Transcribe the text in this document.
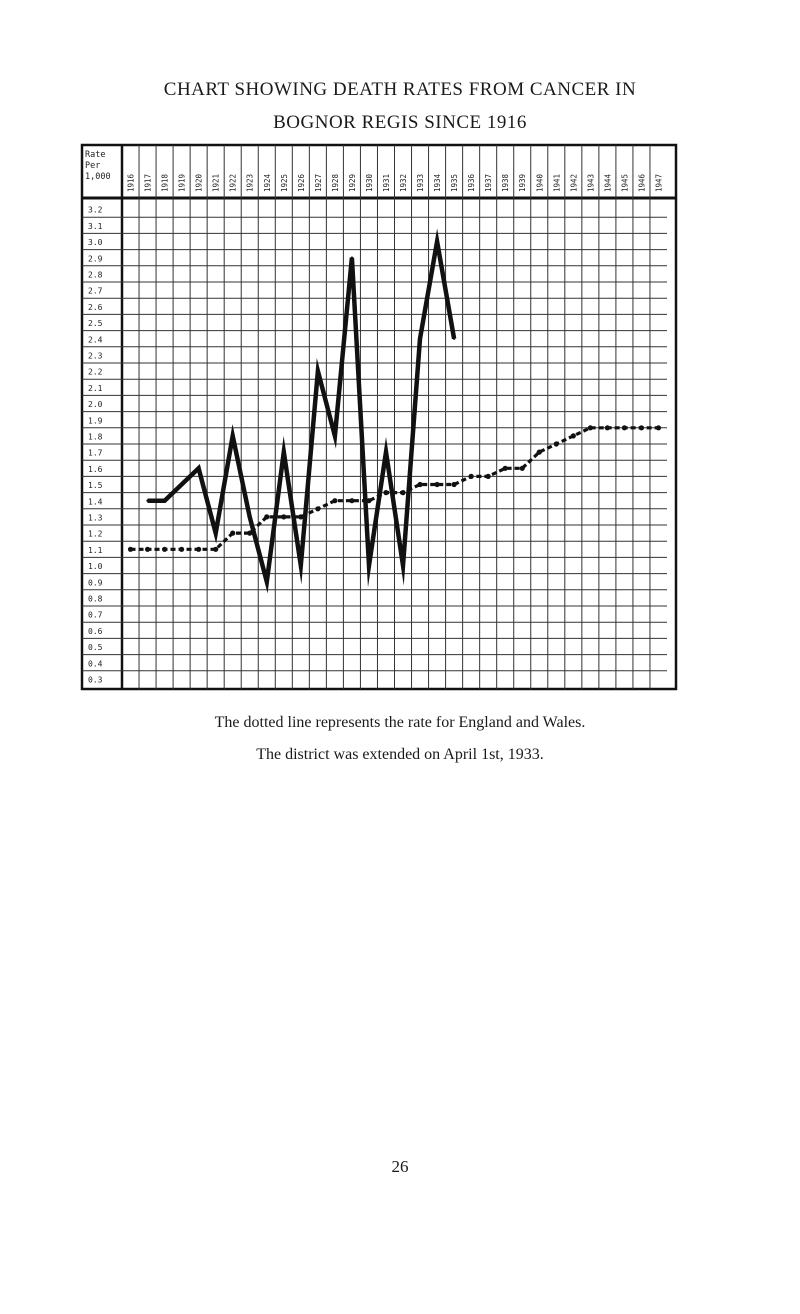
CHART SHOWING DEATH RATES FROM CANCER IN
BOGNOR REGIS SINCE 1916
Rate
Per
1,000 1916 1917 1918 1919 1920 1921 1922 1923 1924 1925 1926 1927 1928 1929 1930 1931 1932 1933 1934 1935 1936 1937 1938 1939 1940 1941 1942 1943 1944 1945 1946 1947
3.2
3.1
3.0
2.9
2.8
2.7
2.6
2.5
2.4
2.3
2.2
2.1
2.0
1.9
1.8
1.7
1.6
1.5
1.4
1.3
1.2
1.1
1.0
0.9
0.8
0.7
0.6
0.5
0.4
0.3
The dotted line represents the rate for England and Wales.
The district was extended on April 1st, 1933.
26
